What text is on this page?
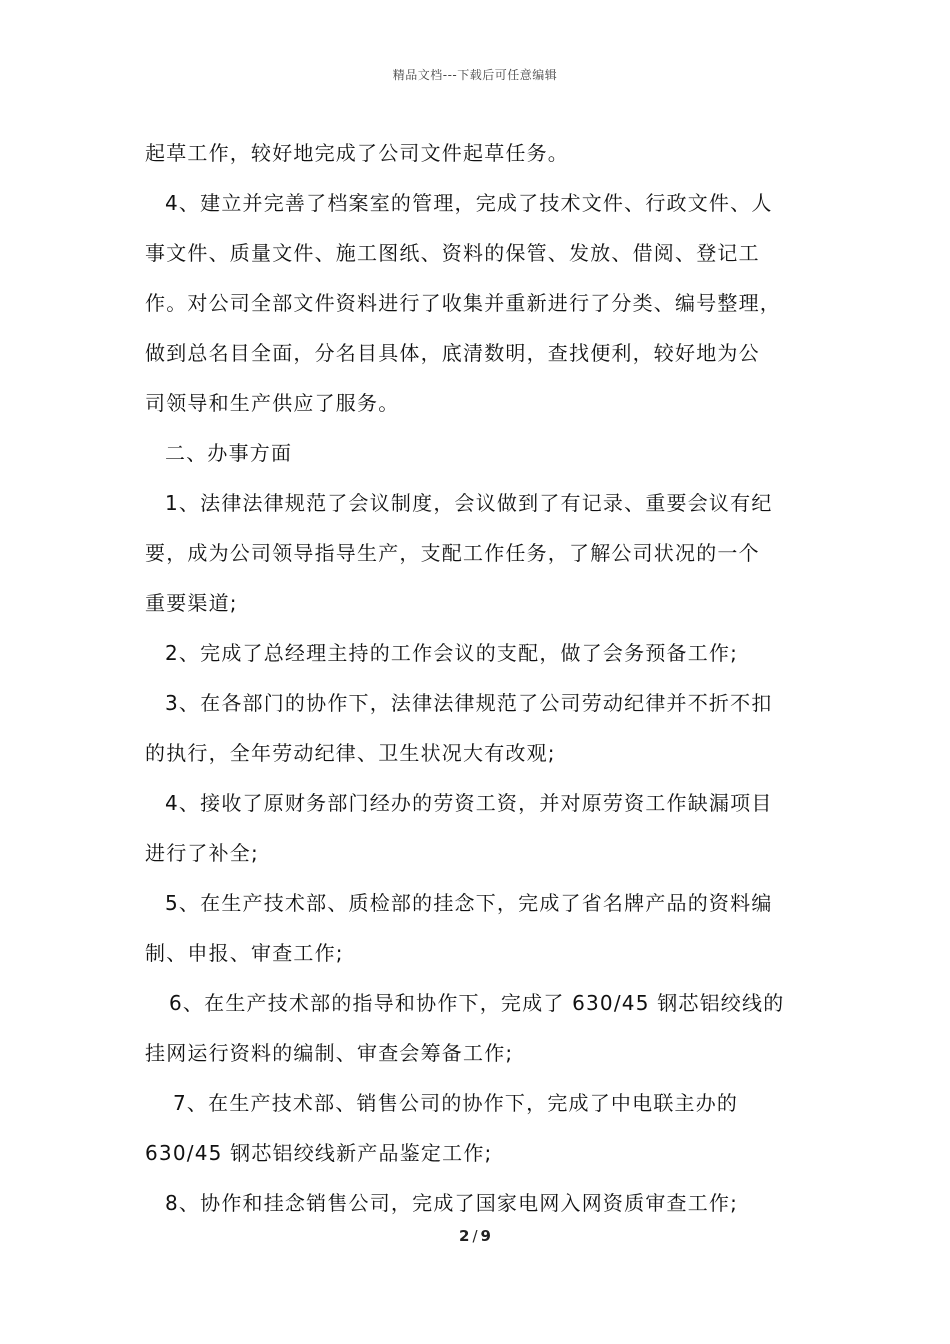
精品文档---下载后可任意编辑
起草工作，较好地完成了公司文件起草任务。
4、建立并完善了档案室的管理，完成了技术文件、行政文件、人
事文件、质量文件、施工图纸、资料的保管、发放、借阅、登记工
作。对公司全部文件资料进行了收集并重新进行了分类、编号整理，
做到总名目全面，分名目具体，底清数明，查找便利，较好地为公
司领导和生产供应了服务。
二、办事方面
1、法律法律规范了会议制度，会议做到了有记录、重要会议有纪
要，成为公司领导指导生产，支配工作任务，了解公司状况的一个
重要渠道;
2、完成了总经理主持的工作会议的支配，做了会务预备工作;
3、在各部门的协作下，法律法律规范了公司劳动纪律并不折不扣
的执行，全年劳动纪律、卫生状况大有改观;
4、接收了原财务部门经办的劳资工资，并对原劳资工作缺漏项目
进行了补全;
5、在生产技术部、质检部的挂念下，完成了省名牌产品的资料编
制、申报、审查工作;
6、在生产技术部的指导和协作下，完成了 630/45 钢芯铝绞线的
挂网运行资料的编制、审查会筹备工作;
7、在生产技术部、销售公司的协作下，完成了中电联主办的
630/45 钢芯铝绞线新产品鉴定工作;
8、协作和挂念销售公司，完成了国家电网入网资质审查工作;
2 / 9
